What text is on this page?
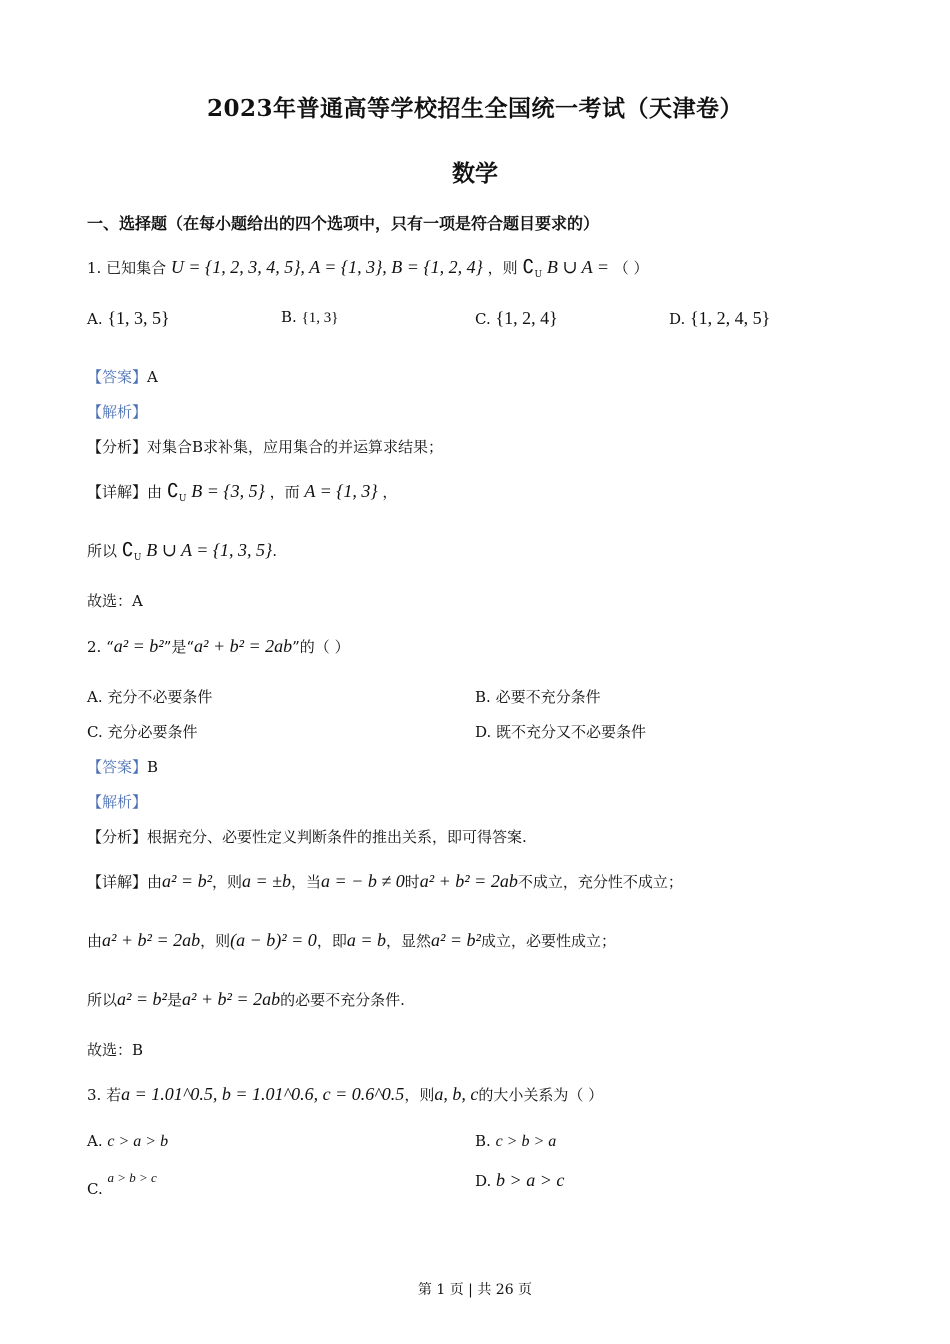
2023年普通高等学校招生全国统一考试（天津卷）
数学
一、选择题（在每小题给出的四个选项中，只有一项是符合题目要求的）
1. 已知集合 U = {1, 2, 3, 4, 5}, A = {1, 3}, B = {1, 2, 4} ，则 $∁_U$ B ∪ A = （ ）
A. {1, 3, 5}	B. {1, 3}	C. {1, 2, 4}	D. {1, 2, 4, 5}
【答案】A
【解析】
【分析】对集合B求补集，应用集合的并运算求结果；
【详解】由 $∁_U$ B = {3, 5} ，而 A = {1, 3} ，
所以 $∁_U$ B ∪ A = {1, 3, 5}.
故选：A
2. “a² = b²”是“a² + b² = 2ab”的（ ）
A. 充分不必要条件	B. 必要不充分条件
C. 充分必要条件	D. 既不充分又不必要条件
【答案】B
【解析】
【分析】根据充分、必要性定义判断条件的推出关系，即可得答案.
【详解】由a² = b²，则a = ±b，当a = − b ≠ 0时a² + b² = 2ab不成立，充分性不成立；
由a² + b² = 2ab，则(a − b)² = 0，即a = b，显然a² = b²成立，必要性成立；
所以a² = b²是a² + b² = 2ab的必要不充分条件.
故选：B
3. 若a = 1.01^0.5, b = 1.01^0.6, c = 0.6^0.5，则a, b, c的大小关系为（ ）
A. c > a > b	B. c > b > a
C. a > b > c	D. b > a > c
第 1 页 | 共 26 页
